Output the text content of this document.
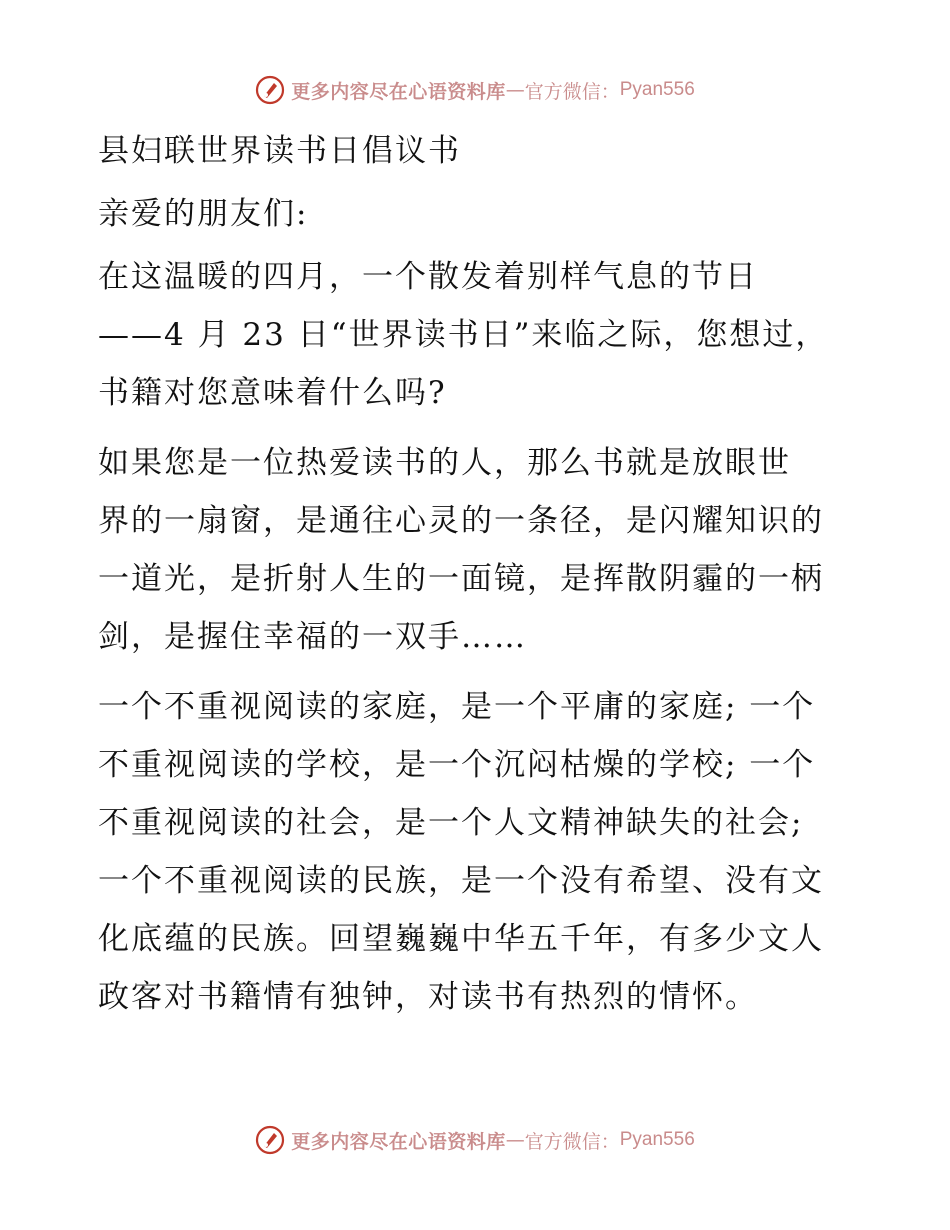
更多内容尽在心语资料库 — 官方微信： Pyan556
县妇联世界读书日倡议书
亲爱的朋友们:
在这温暖的四月，一个散发着别样气息的节日
——4 月 23 日“世界读书日”来临之际，您想过，
书籍对您意味着什么吗?
如果您是一位热爱读书的人，那么书就是放眼世
界的一扇窗，是通往心灵的一条径，是闪耀知识的
一道光，是折射人生的一面镜，是挥散阴霾的一柄
剑，是握住幸福的一双手……
一个不重视阅读的家庭，是一个平庸的家庭; 一个
不重视阅读的学校，是一个沉闷枯燥的学校; 一个
不重视阅读的社会，是一个人文精神缺失的社会;
一个不重视阅读的民族，是一个没有希望、没有文
化底蕴的民族。回望巍巍中华五千年，有多少文人
政客对书籍情有独钟，对读书有热烈的情怀。
更多内容尽在心语资料库 — 官方微信： Pyan556
